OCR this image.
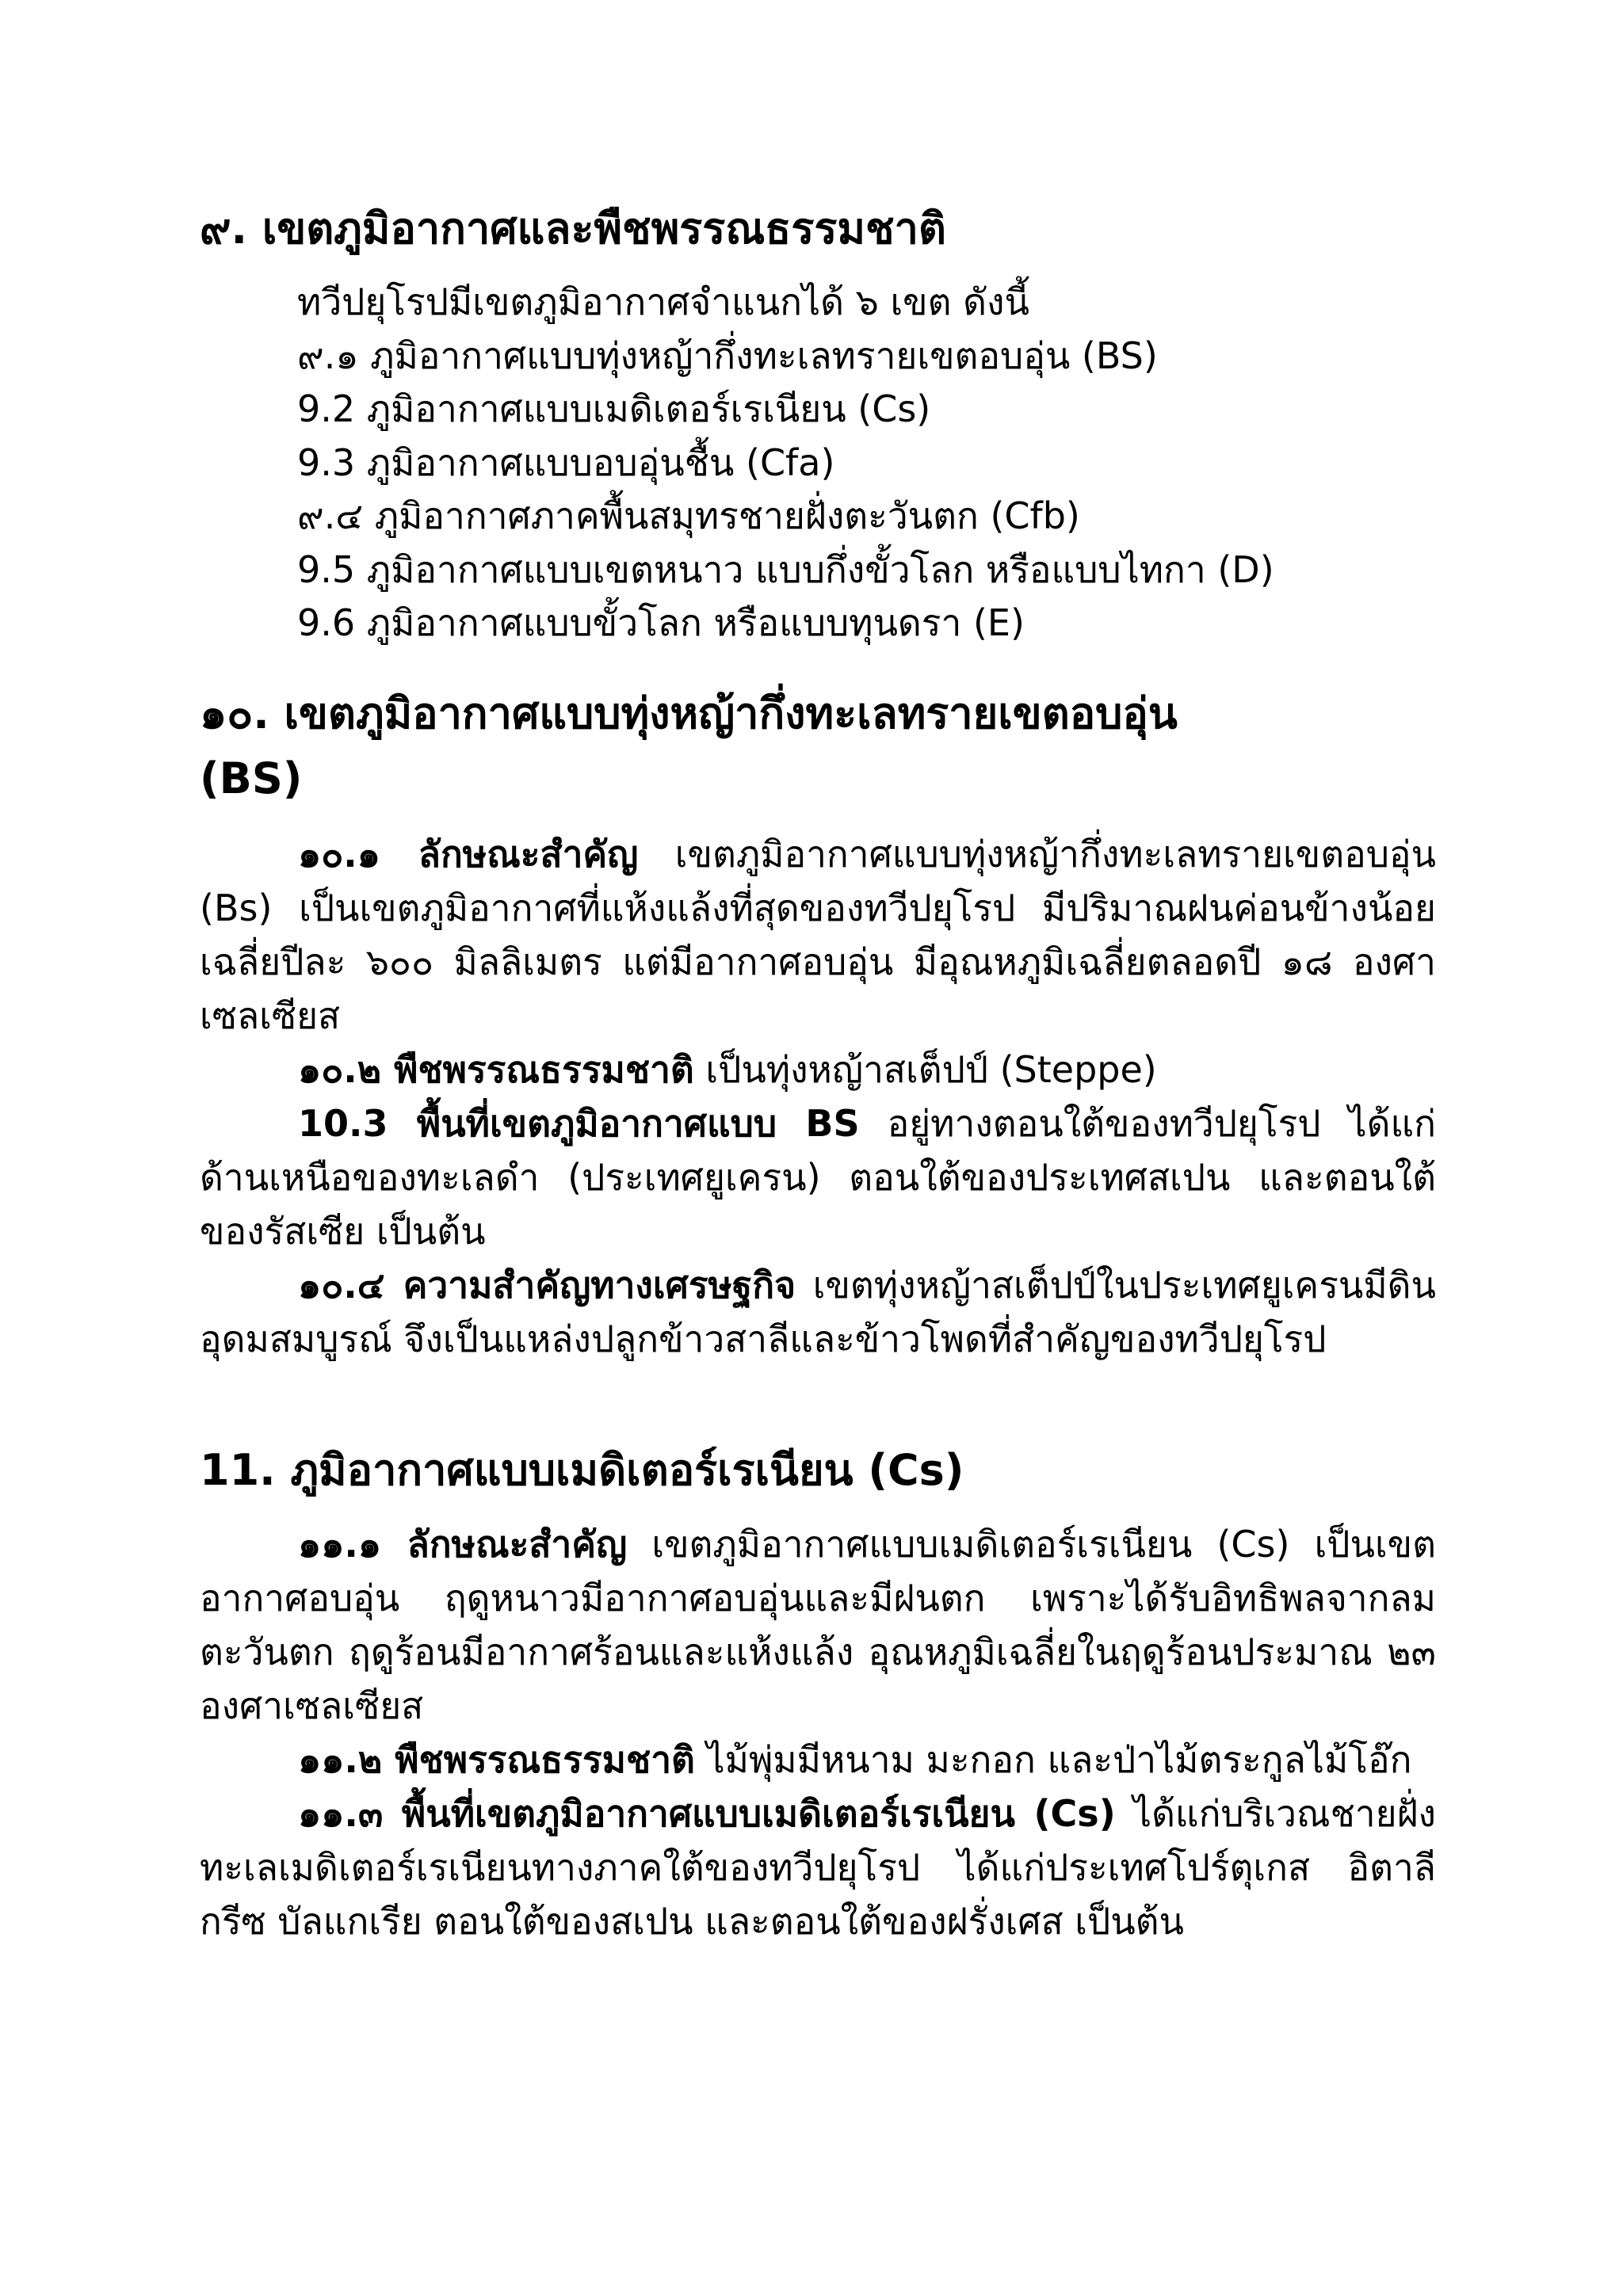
๙. เขตภูมิอากาศและพืชพรรณธรรมชาติ
ทวีปยุโรปมีเขตภูมิอากาศจำแนกได้ ๖ เขต ดังนี้
๙.๑ ภูมิอากาศแบบทุ่งหญ้ากึ่งทะเลทรายเขตอบอุ่น (BS)
9.2 ภูมิอากาศแบบเมดิเตอร์เรเนียน (Cs)
9.3 ภูมิอากาศแบบอบอุ่นชื้น (Cfa)
๙.๔ ภูมิอากาศภาคพื้นสมุทรชายฝั่งตะวันตก (Cfb)
9.5 ภูมิอากาศแบบเขตหนาว แบบกึ่งขั้วโลก หรือแบบไทกา (D)
9.6 ภูมิอากาศแบบขั้วโลก หรือแบบทุนดรา (E)
๑๐. เขตภูมิอากาศแบบทุ่งหญ้ากึ่งทะเลทรายเขตอบอุ่น
(BS)
๑๐.๑ ลักษณะสำคัญ เขตภูมิอากาศแบบทุ่งหญ้ากึ่งทะเลทรายเขตอบอุ่น (Bs) เป็นเขตภูมิอากาศที่แห้งแล้งที่สุดของทวีปยุโรป มีปริมาณฝนค่อนข้างน้อยเฉลี่ยปีละ ๖๐๐ มิลลิเมตร แต่มีอากาศอบอุ่น มีอุณหภูมิเฉลี่ยตลอดปี ๑๘ องศาเซลเซียส
๑๐.๒ พืชพรรณธรรมชาติ เป็นทุ่งหญ้าสเต็ปป์ (Steppe)
10.3 พื้นที่เขตภูมิอากาศแบบ BS อยู่ทางตอนใต้ของทวีปยุโรป ได้แก่ ด้านเหนือของทะเลดำ (ประเทศยูเครน) ตอนใต้ของประเทศสเปน และตอนใต้ของรัสเซีย เป็นต้น
๑๐.๔ ความสำคัญทางเศรษฐกิจ เขตทุ่งหญ้าสเต็ปป์ในประเทศยูเครนมีดินอุดมสมบูรณ์ จึงเป็นแหล่งปลูกข้าวสาลีและข้าวโพดที่สำคัญของทวีปยุโรป
11. ภูมิอากาศแบบเมดิเตอร์เรเนียน (Cs)
๑๑.๑ ลักษณะสำคัญ เขตภูมิอากาศแบบเมดิเตอร์เรเนียน (Cs) เป็นเขตอากาศอบอุ่น ฤดูหนาวมีอากาศอบอุ่นและมีฝนตก เพราะได้รับอิทธิพลจากลมตะวันตก ฤดูร้อนมีอากาศร้อนและแห้งแล้ง อุณหภูมิเฉลี่ยในฤดูร้อนประมาณ ๒๓ องศาเซลเซียส
๑๑.๒ พืชพรรณธรรมชาติ ไม้พุ่มมีหนาม มะกอก และป่าไม้ตระกูลไม้โอ๊ก
๑๑.๓ พื้นที่เขตภูมิอากาศแบบเมดิเตอร์เรเนียน (Cs) ได้แก่บริเวณชายฝั่งทะเลเมดิเตอร์เรเนียนทางภาคใต้ของทวีปยุโรป ได้แก่ประเทศโปร์ตุเกส อิตาลี กรีซ บัลแกเรีย ตอนใต้ของสเปน และตอนใต้ของฝรั่งเศส เป็นต้น
